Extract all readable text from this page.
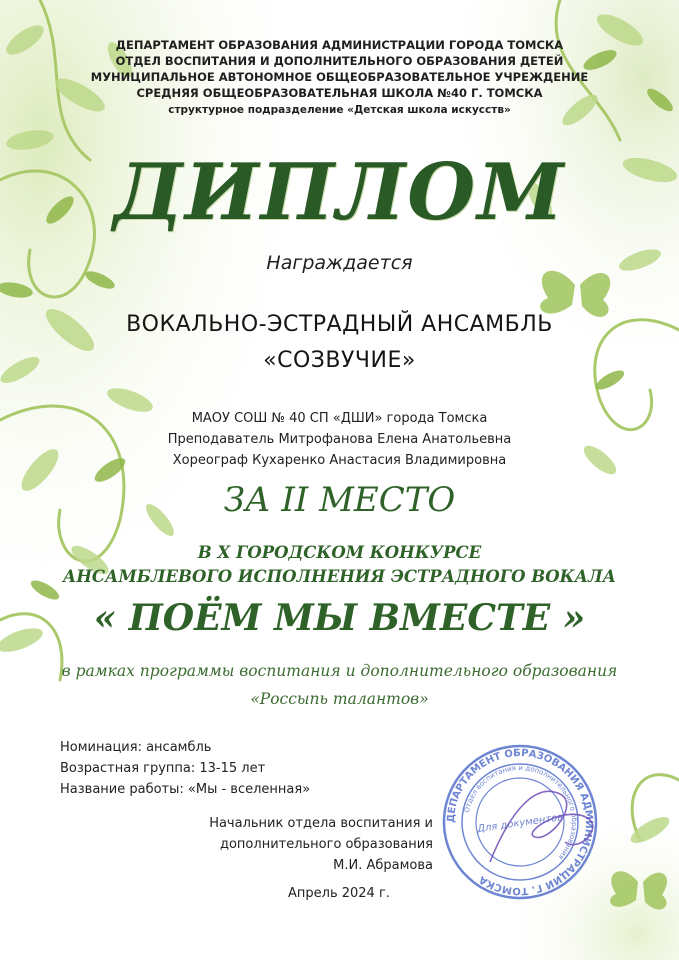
ДЕПАРТАМЕНТ ОБРАЗОВАНИЯ АДМИНИСТРАЦИИ ГОРОДА ТОМСКА
ОТДЕЛ ВОСПИТАНИЯ И ДОПОЛНИТЕЛЬНОГО ОБРАЗОВАНИЯ ДЕТЕЙ
МУНИЦИПАЛЬНОЕ АВТОНОМНОЕ ОБЩЕОБРАЗОВАТЕЛЬНОЕ УЧРЕЖДЕНИЕ
СРЕДНЯЯ ОБЩЕОБРАЗОВАТЕЛЬНАЯ ШКОЛА №40 Г. ТОМСКА
структурное подразделение «Детская школа искусств»
ДИПЛОМ
Награждается
ВОКАЛЬНО-ЭСТРАДНЫЙ АНСАМБЛЬ
«СОЗВУЧИЕ»
МАОУ СОШ № 40 СП «ДШИ» города Томска
Преподаватель Митрофанова Елена Анатольевна
Хореограф Кухаренко Анастасия Владимировна
ЗА II МЕСТО
В X ГОРОДСКОМ КОНКУРСЕ
АНСАМБЛЕВОГО ИСПОЛНЕНИЯ ЭСТРАДНОГО ВОКАЛА
« ПОЁМ МЫ ВМЕСТЕ »
в рамках программы воспитания и дополнительного образования
«Россыпь талантов»
Номинация: ансамбль
Возрастная группа: 13-15 лет
Название работы: «Мы - вселенная»
Начальник отдела воспитания и
дополнительного образования
М.И. Абрамова
Апрель 2024 г.
ДЕПАРТАМЕНТ ОБРАЗОВАНИЯ АДМИНИСТРАЦИИ Г. ТОМСКА
Отдел воспитания и дополнительного образования
Для документов
